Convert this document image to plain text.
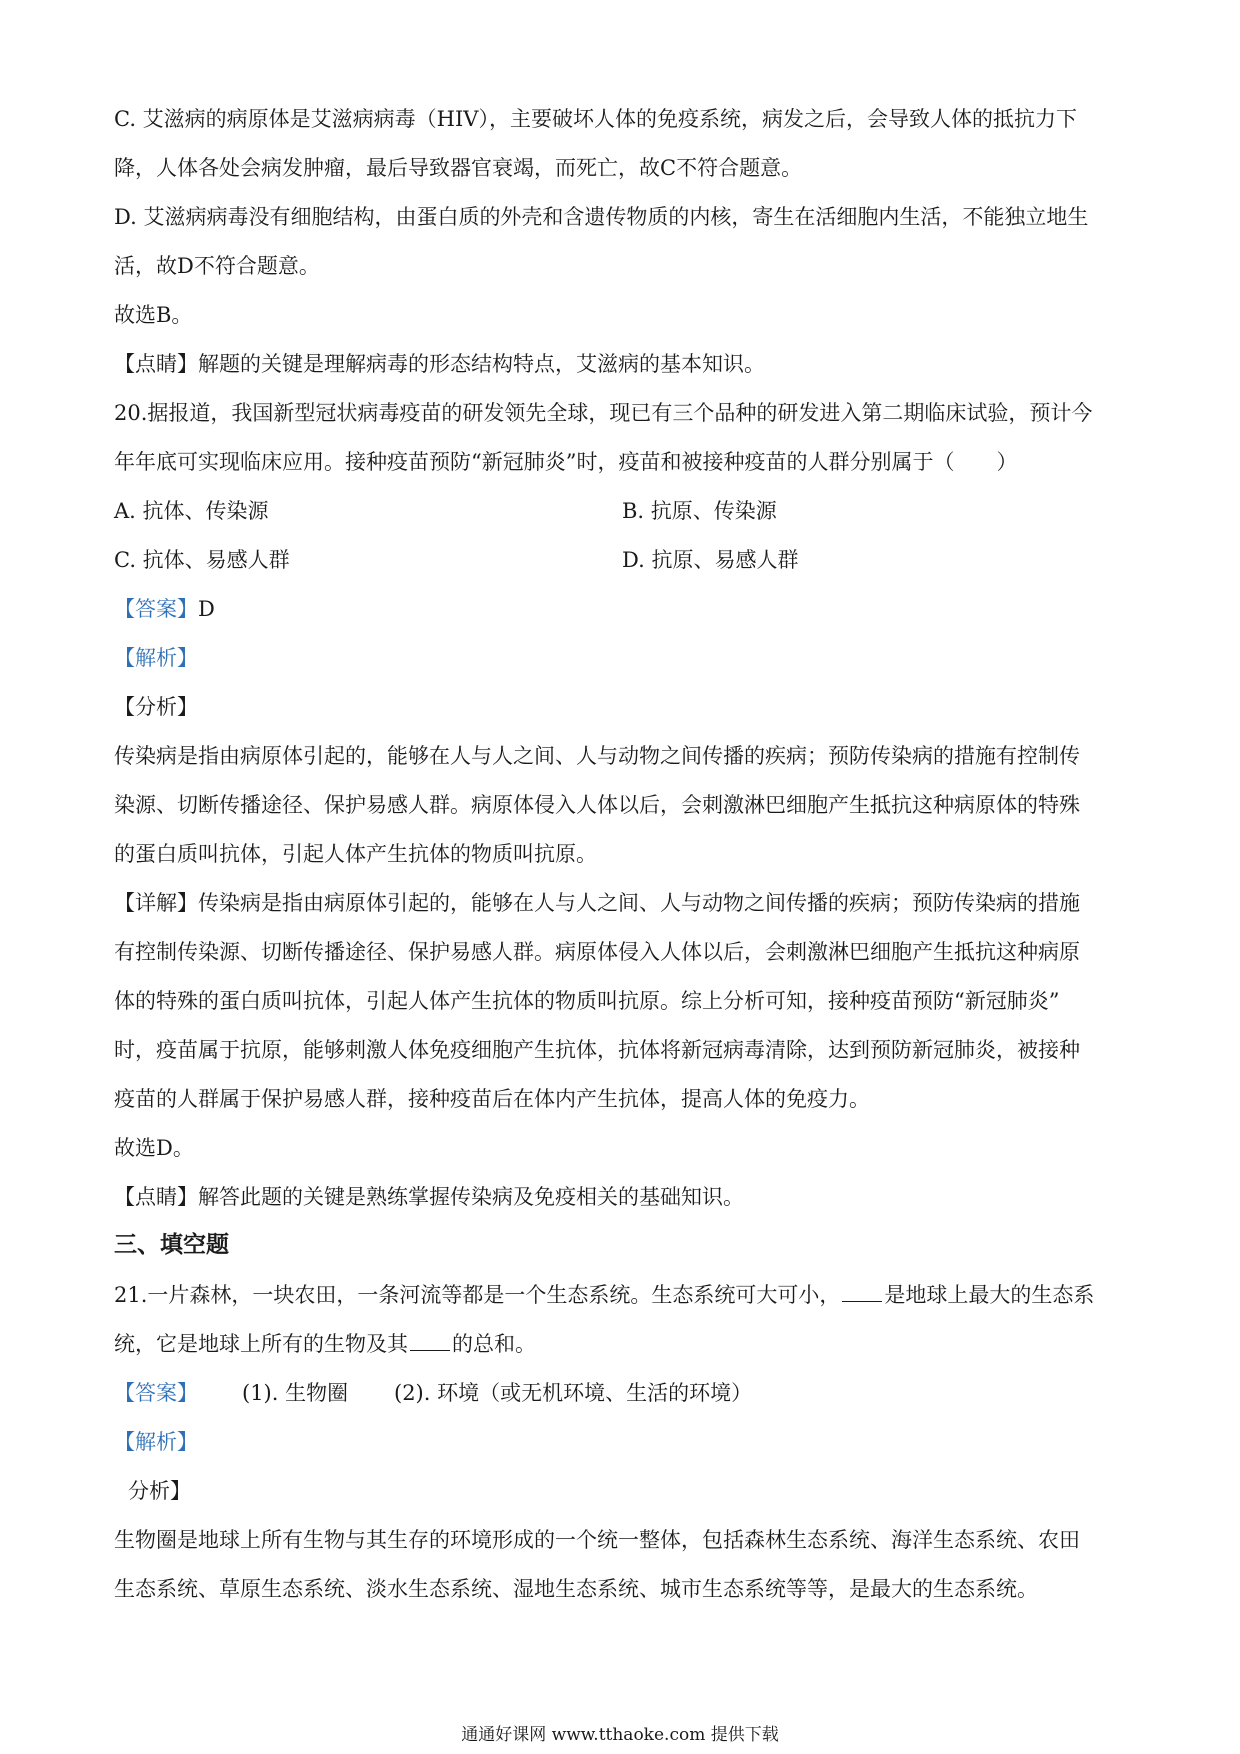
C. 艾滋病的病原体是艾滋病病毒（HIV），主要破坏人体的免疫系统，病发之后，会导致人体的抵抗力下
降，人体各处会病发肿瘤，最后导致器官衰竭，而死亡，故C不符合题意。
D. 艾滋病病毒没有细胞结构，由蛋白质的外壳和含遗传物质的内核，寄生在活细胞内生活，不能独立地生
活，故D不符合题意。
故选B。
【点睛】解题的关键是理解病毒的形态结构特点，艾滋病的基本知识。
20.据报道，我国新型冠状病毒疫苗的研发领先全球，现已有三个品种的研发进入第二期临床试验，预计今
年年底可实现临床应用。接种疫苗预防“新冠肺炎”时，疫苗和被接种疫苗的人群分别属于（　　）
A. 抗体、传染源	B. 抗原、传染源
C. 抗体、易感人群	D. 抗原、易感人群
【答案】D
【解析】
【分析】
传染病是指由病原体引起的，能够在人与人之间、人与动物之间传播的疾病；预防传染病的措施有控制传
染源、切断传播途径、保护易感人群。病原体侵入人体以后，会刺激淋巴细胞产生抵抗这种病原体的特殊
的蛋白质叫抗体，引起人体产生抗体的物质叫抗原。
【详解】传染病是指由病原体引起的，能够在人与人之间、人与动物之间传播的疾病；预防传染病的措施
有控制传染源、切断传播途径、保护易感人群。病原体侵入人体以后，会刺激淋巴细胞产生抵抗这种病原
体的特殊的蛋白质叫抗体，引起人体产生抗体的物质叫抗原。综上分析可知，接种疫苗预防“新冠肺炎”
时，疫苗属于抗原，能够刺激人体免疫细胞产生抗体，抗体将新冠病毒清除，达到预防新冠肺炎，被接种
疫苗的人群属于保护易感人群，接种疫苗后在体内产生抗体，提高人体的免疫力。
故选D。
【点睛】解答此题的关键是熟练掌握传染病及免疫相关的基础知识。
三、填空题
21.一片森林，一块农田，一条河流等都是一个生态系统。生态系统可大可小， 是地球上最大的生态系
统，它是地球上所有的生物及其 的总和。
【答案】 (1). 生物圈 (2). 环境（或无机环境、生活的环境）
【解析】
分析】
生物圈是地球上所有生物与其生存的环境形成的一个统一整体，包括森林生态系统、海洋生态系统、农田
生态系统、草原生态系统、淡水生态系统、湿地生态系统、城市生态系统等等，是最大的生态系统。
通通好课网 www.tthaoke.com 提供下载
